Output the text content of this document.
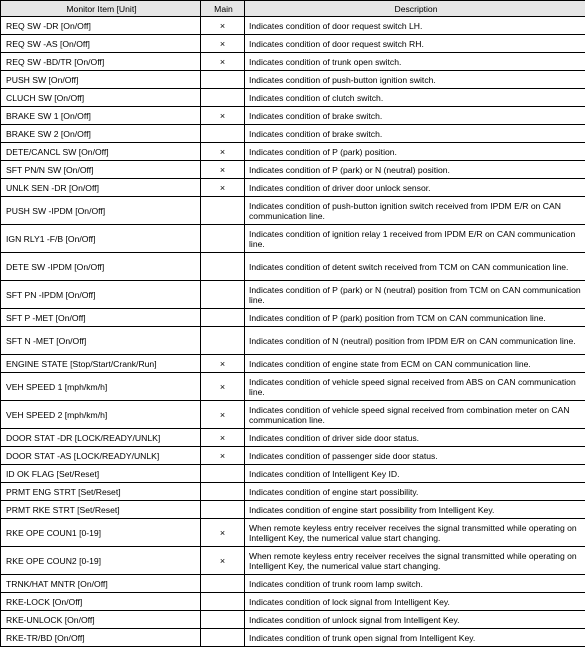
Monitor Item [Unit]	Main	Description
REQ SW -DR [On/Off]	×	Indicates condition of door request switch LH.
REQ SW -AS [On/Off]	×	Indicates condition of door request switch RH.
REQ SW -BD/TR [On/Off]	×	Indicates condition of trunk open switch.
PUSH SW [On/Off]		Indicates condition of push-button ignition switch.
CLUCH SW [On/Off]		Indicates condition of clutch switch.
BRAKE SW 1 [On/Off]	×	Indicates condition of brake switch.
BRAKE SW 2 [On/Off]		Indicates condition of brake switch.
DETE/CANCL SW [On/Off]	×	Indicates condition of P (park) position.
SFT PN/N SW [On/Off]	×	Indicates condition of P (park) or N (neutral) position.
UNLK SEN -DR [On/Off]	×	Indicates condition of driver door unlock sensor.
PUSH SW -IPDM [On/Off]		Indicates condition of push-button ignition switch received from IPDM E/R on CAN communication line.
IGN RLY1 -F/B [On/Off]		Indicates condition of ignition relay 1 received from IPDM E/R on CAN communication line.
DETE SW -IPDM [On/Off]		Indicates condition of detent switch received from TCM on CAN communication line.
SFT PN -IPDM [On/Off]		Indicates condition of P (park) or N (neutral) position from TCM on CAN communication line.
SFT P -MET [On/Off]		Indicates condition of P (park) position from TCM on CAN communication line.
SFT N -MET [On/Off]		Indicates condition of N (neutral) position from IPDM E/R on CAN communication line.
ENGINE STATE [Stop/Start/Crank/Run]	×	Indicates condition of engine state from ECM on CAN communication line.
VEH SPEED 1 [mph/km/h]	×	Indicates condition of vehicle speed signal received from ABS on CAN communication line.
VEH SPEED 2 [mph/km/h]	×	Indicates condition of vehicle speed signal received from combination meter on CAN communication line.
DOOR STAT -DR [LOCK/READY/UNLK]	×	Indicates condition of driver side door status.
DOOR STAT -AS [LOCK/READY/UNLK]	×	Indicates condition of passenger side door status.
ID OK FLAG [Set/Reset]		Indicates condition of Intelligent Key ID.
PRMT ENG STRT [Set/Reset]		Indicates condition of engine start possibility.
PRMT RKE STRT [Set/Reset]		Indicates condition of engine start possibility from Intelligent Key.
RKE OPE COUN1 [0-19]	×	When remote keyless entry receiver receives the signal transmitted while operating on Intelligent Key, the numerical value start changing.
RKE OPE COUN2 [0-19]	×	When remote keyless entry receiver receives the signal transmitted while operating on Intelligent Key, the numerical value start changing.
TRNK/HAT MNTR [On/Off]		Indicates condition of trunk room lamp switch.
RKE-LOCK [On/Off]		Indicates condition of lock signal from Intelligent Key.
RKE-UNLOCK [On/Off]		Indicates condition of unlock signal from Intelligent Key.
RKE-TR/BD [On/Off]		Indicates condition of trunk open signal from Intelligent Key.
